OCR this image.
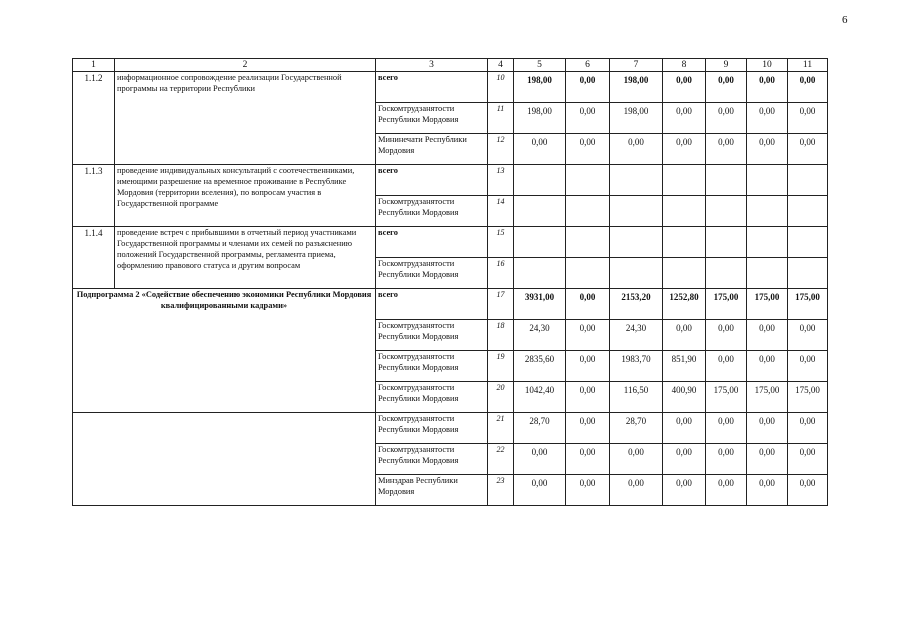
6
1	2	3	4	5	6	7	8	9	10	11
1.1.2	информационное сопровождение реализации Государственной программы на территории Республики	всего	10	198,00	0,00	198,00	0,00	0,00	0,00	0,00
		Госкомтрудзанятости Республики Мордовия	11	198,00	0,00	198,00	0,00	0,00	0,00	0,00
		Мининечати Республики Мордовия	12	0,00	0,00	0,00	0,00	0,00	0,00	0,00
1.1.3	проведение индивидуальных консультаций с соотечественниками, имеющими разрешение на временное проживание в Республике Мордовия (территории вселения), по вопросам участия в Государственной программе	всего	13							
		Госкомтрудзанятости Республики Мордовия	14							
1.1.4	проведение встреч с прибывшими в отчетный период участниками Государственной программы и членами их семей по разъяснению положений Государственной программы, регламента приема, оформлению правового статуса и другим вопросам	всего	15							
		Госкомтрудзанятости Республики Мордовия	16							
Подпрограмма 2 «Содействие обеспечению экономики Республики Мордовия квалифицированными кадрами»		всего	17	3931,00	0,00	2153,20	1252,80	175,00	175,00	175,00
		Госкомтрудзанятости Республики Мордовия	18	24,30	0,00	24,30	0,00	0,00	0,00	0,00
		Госкомтрудзанятости Республики Мордовия	19	2835,60	0,00	1983,70	851,90	0,00	0,00	0,00
		Госкомтрудзанятости Республики Мордовия	20	1042,40	0,00	116,50	400,90	175,00	175,00	175,00
		Госкомтрудзанятости Республики Мордовия	21	28,70	0,00	28,70	0,00	0,00	0,00	0,00
		Госкомтрудзанятости Республики Мордовия	22	0,00	0,00	0,00	0,00	0,00	0,00	0,00
		Минздрав Республики Мордовия	23	0,00	0,00	0,00	0,00	0,00	0,00	0,00
